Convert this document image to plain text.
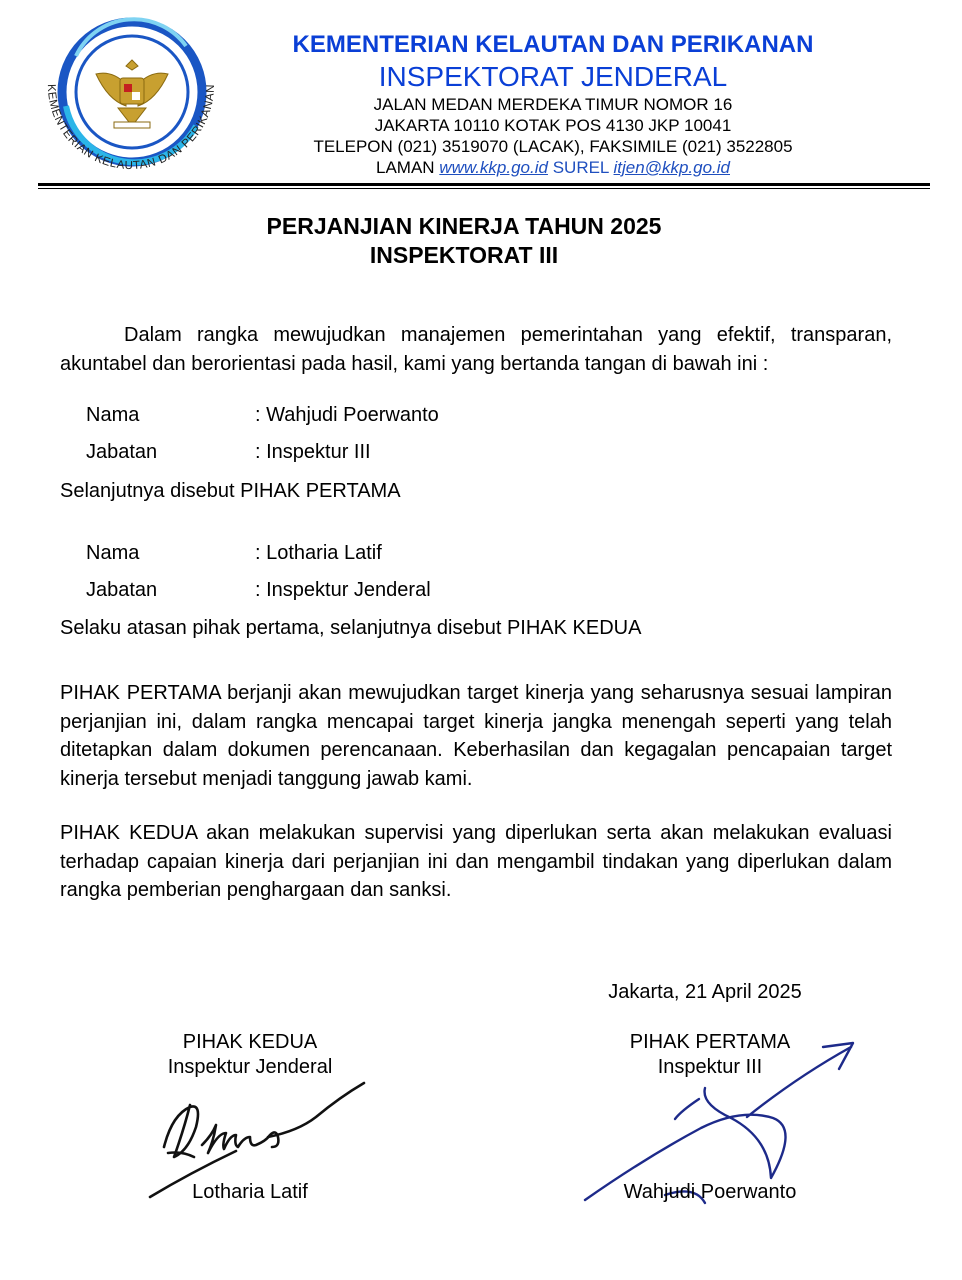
KEMENTERIAN KELAUTAN DAN PERIKANAN
KEMENTERIAN KELAUTAN DAN PERIKANAN
INSPEKTORAT JENDERAL
JALAN MEDAN MERDEKA TIMUR NOMOR 16
JAKARTA 10110 KOTAK POS 4130 JKP 10041
TELEPON (021) 3519070 (LACAK), FAKSIMILE (021) 3522805
LAMAN www.kkp.go.id SUREL itjen@kkp.go.id
PERJANJIAN KINERJA TAHUN 2025
INSPEKTORAT III
Dalam rangka mewujudkan manajemen pemerintahan yang efektif, transparan, akuntabel dan berorientasi pada hasil, kami yang bertanda tangan di bawah ini :
Nama	: Wahjudi Poerwanto
Jabatan	: Inspektur III
Selanjutnya disebut PIHAK PERTAMA
Nama	: Lotharia Latif
Jabatan	: Inspektur Jenderal
Selaku atasan pihak pertama, selanjutnya disebut PIHAK KEDUA
PIHAK PERTAMA berjanji akan mewujudkan target kinerja yang seharusnya sesuai lampiran perjanjian ini, dalam rangka mencapai target kinerja jangka menengah seperti yang telah ditetapkan dalam dokumen perencanaan. Keberhasilan dan kegagalan pencapaian target kinerja tersebut menjadi tanggung jawab kami.
PIHAK KEDUA akan melakukan supervisi yang diperlukan serta akan melakukan evaluasi terhadap capaian kinerja dari perjanjian ini dan mengambil tindakan yang diperlukan dalam rangka pemberian penghargaan dan sanksi.
Jakarta, 21 April 2025
PIHAK KEDUA
Inspektur Jenderal
Lotharia Latif
PIHAK PERTAMA
Inspektur III
Wahjudi Poerwanto
